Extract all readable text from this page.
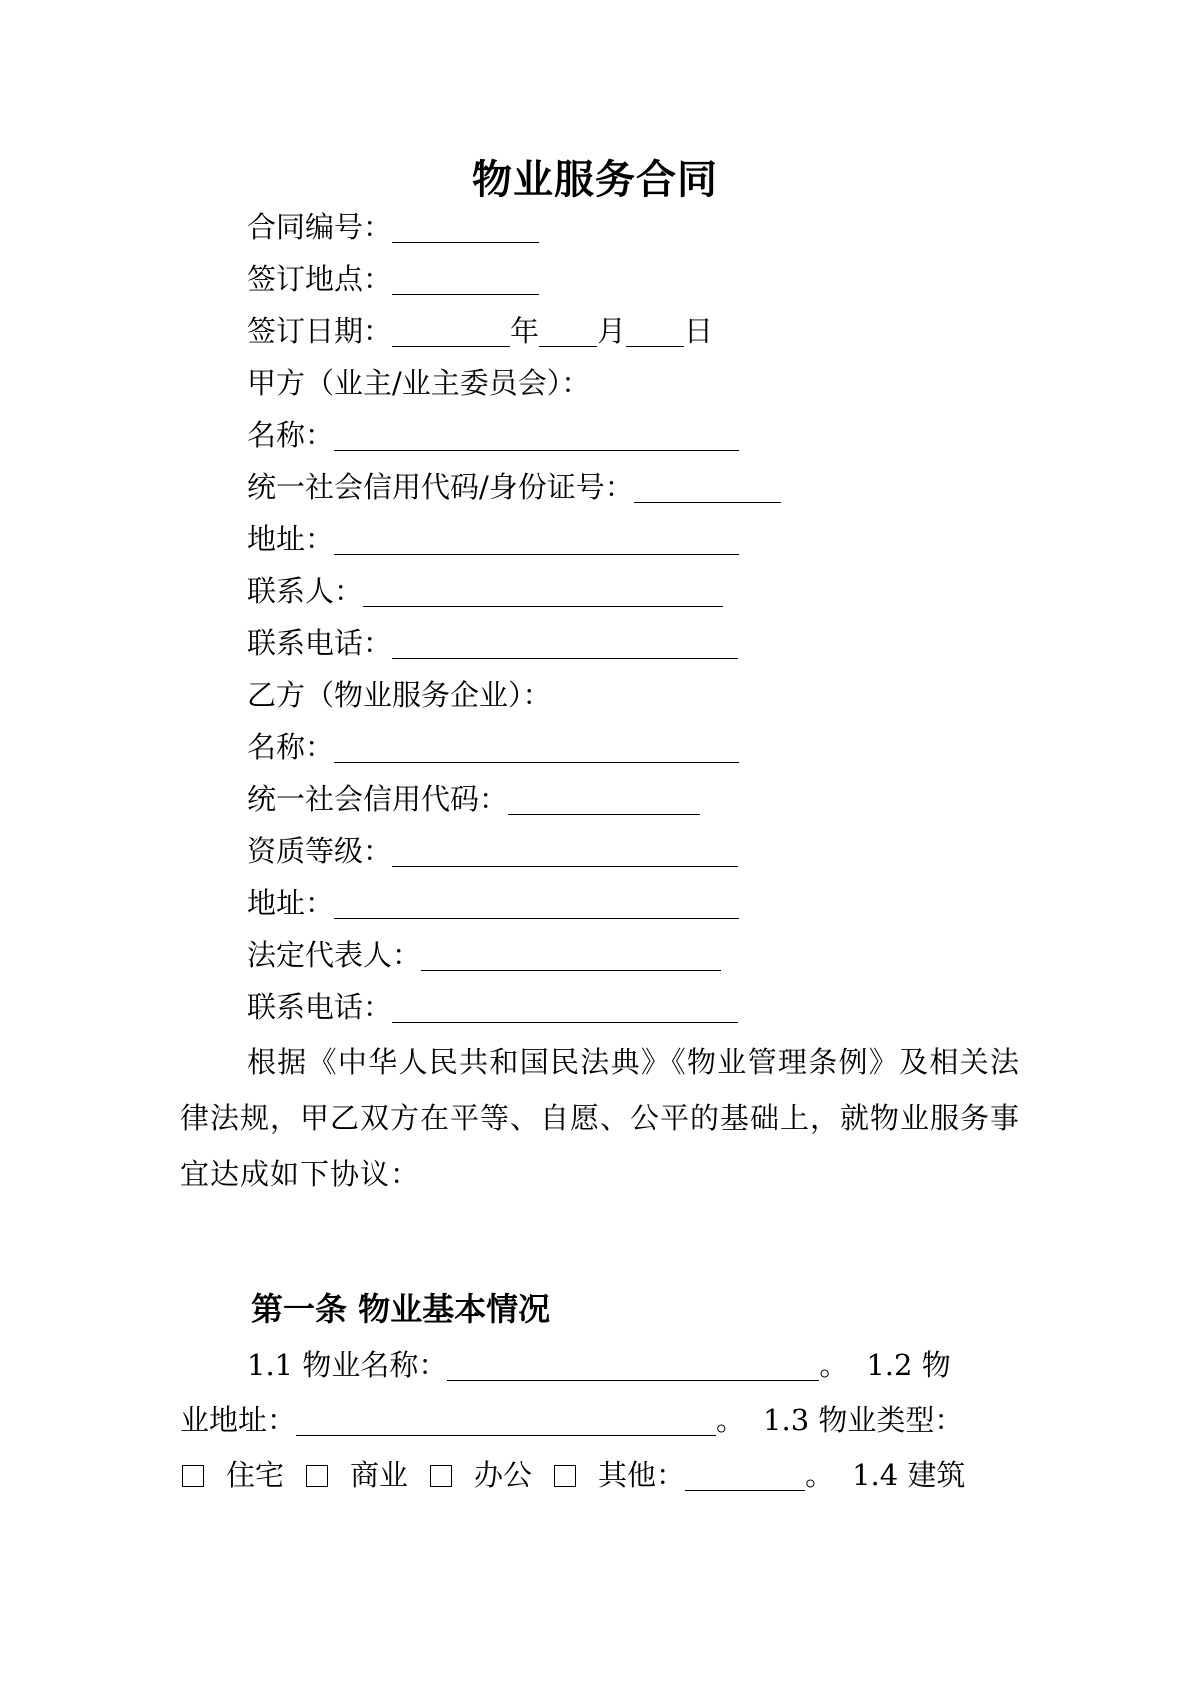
物业服务合同
合同编号：
签订地点：
签订日期：	年 月 日
甲方（业主/业主委员会）：
名称：
统一社会信用代码/身份证号：
地址：
联系人：
联系电话：
乙方（物业服务企业）：
名称：
统一社会信用代码：
资质等级：
地址：
法定代表人：
联系电话：
根据《中华人民共和国民法典》《物业管理条例》及相关法律法规，甲乙双方在平等、自愿、公平的基础上，就物业服务事宜达成如下协议：
第一条 物业基本情况
1.1 物业名称：	。 1.2 物
业地址：	。 1.3 物业类型：
住宅 商业 办公 其他：	。 1.4 建筑
